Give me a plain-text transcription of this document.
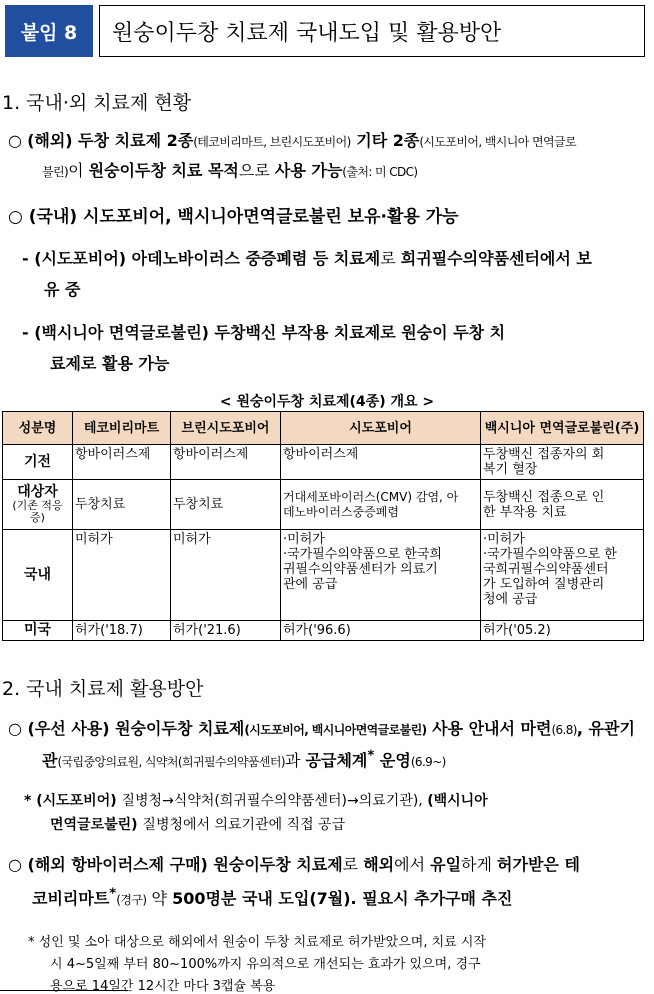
붙임 8	원숭이두창 치료제 국내도입 및 활용방안
1. 국내·외 치료제 현황
○ (해외) 두창 치료제 2종(테코비리마트, 브린시도포비어) 기타 2종(시도포비어, 백시니아 면역글로
불린)이 원숭이두창 치료 목적으로 사용 가능(출처: 미 CDC)
○ (국내) 시도포비어, 백시니아면역글로불린 보유·활용 가능
- (시도포비어) 아데노바이러스 중증폐렴 등 치료제로 희귀필수의약품센터에서 보
유 중
- (백시니아 면역글로불린) 두창백신 부작용 치료제로 원숭이 두창 치
료제로 활용 가능
< 원숭이두창 치료제(4종) 개요 >
성분명	테코비리마트	브린시도포비어	시도포비어	백시니아 면역글로불린(주)
기전	항바이러스제	항바이러스제	항바이러스제	두창백신 접종자의 회
복기 혈장

대상자
(기존 적응증)	두창치료	두창치료	거대세포바이러스(CMV) 감염, 아
데노바이러스중증폐렴	두창백신 접종으로 인
한 부작용 치료

국내	미허가	미허가	·미허가
·국가필수의약품으로 한국희
귀필수의약품센터가 의료기
관에 공급	·미허가
·국가필수의약품으로 한
국희귀필수의약품센터
가 도입하여 질병관리
청에 공급

미국	허가('18.7)	허가('21.6)	허가('96.6)	허가('05.2)
2. 국내 치료제 활용방안
○ (우선 사용) 원숭이두창 치료제(시도포비어, 백시니아면역글로불린) 사용 안내서 마련(6.8), 유관기
관(국립중앙의료원, 식약처(희귀필수의약품센터)과 공급체계* 운영(6.9~)
* (시도포비어) 질병청→식약처(희귀필수의약품센터)→의료기관), (백시니아
면역글로불린) 질병청에서 의료기관에 직접 공급
○ (해외 항바이러스제 구매) 원숭이두창 치료제로 해외에서 유일하게 허가받은 테
코비리마트*(경구) 약 500명분 국내 도입(7월). 필요시 추가구매 추진
* 성인 및 소아 대상으로 해외에서 원숭이 두창 치료제로 허가받았으며, 치료 시작
시 4~5일째 부터 80~100%까지 유의적으로 개선되는 효과가 있으며, 경구
용으로 14일간 12시간 마다 3캡슐 복용
